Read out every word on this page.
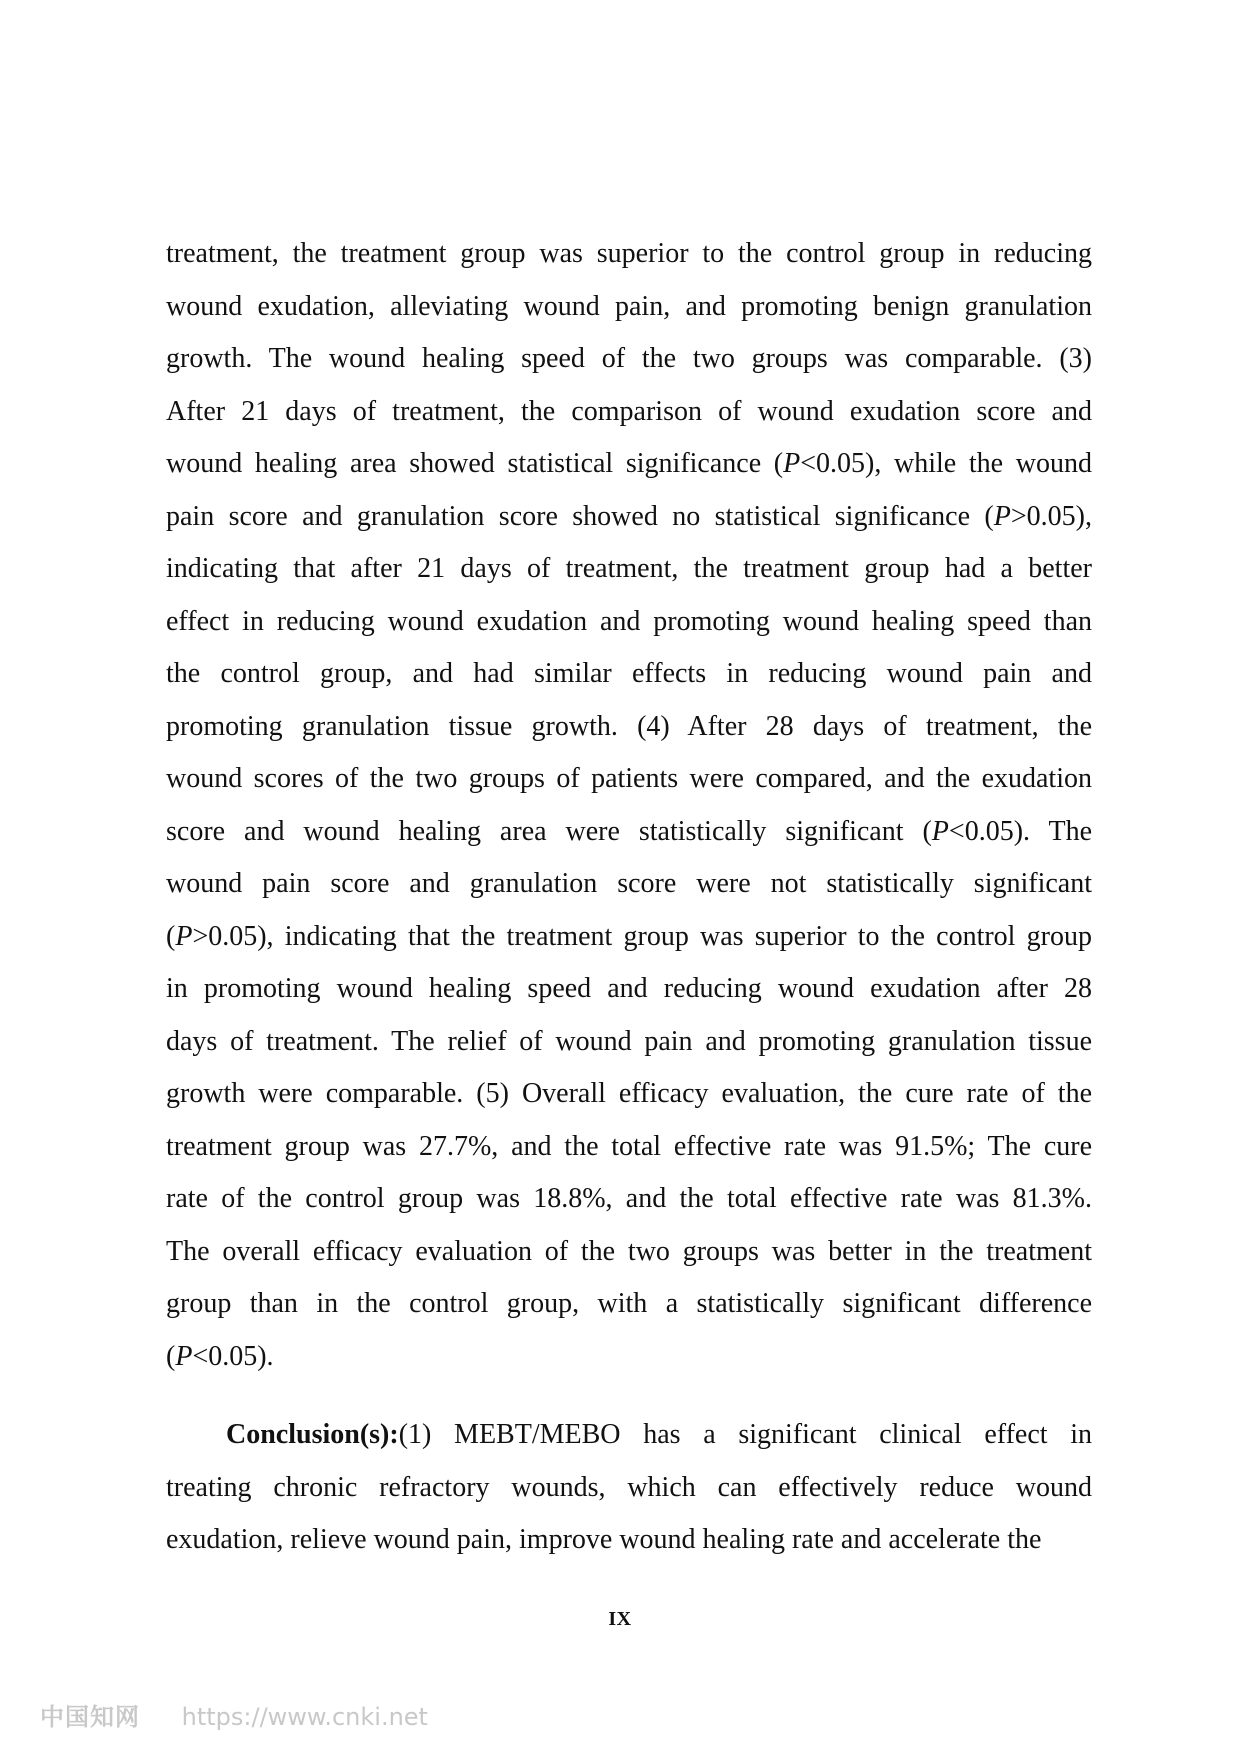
treatment, the treatment group was superior to the control group in reducing
wound exudation, alleviating wound pain, and promoting benign granulation
growth. The wound healing speed of the two groups was comparable. (3)
After 21 days of treatment, the comparison of wound exudation score and
wound healing area showed statistical significance (P<0.05), while the wound
pain score and granulation score showed no statistical significance (P>0.05),
indicating that after 21 days of treatment, the treatment group had a better
effect in reducing wound exudation and promoting wound healing speed than
the control group, and had similar effects in reducing wound pain and
promoting granulation tissue growth. (4) After 28 days of treatment, the
wound scores of the two groups of patients were compared, and the exudation
score and wound healing area were statistically significant (P<0.05). The
wound pain score and granulation score were not statistically significant
(P>0.05), indicating that the treatment group was superior to the control group
in promoting wound healing speed and reducing wound exudation after 28
days of treatment. The relief of wound pain and promoting granulation tissue
growth were comparable. (5) Overall efficacy evaluation, the cure rate of the
treatment group was 27.7%, and the total effective rate was 91.5%; The cure
rate of the control group was 18.8%, and the total effective rate was 81.3%.
The overall efficacy evaluation of the two groups was better in the treatment
group than in the control group, with a statistically significant difference
(P<0.05).
Conclusion(s):(1) MEBT/MEBO has a significant clinical effect in
treating chronic refractory wounds, which can effectively reduce wound
exudation, relieve wound pain, improve wound healing rate and accelerate the
IX
中国知网 https://www.cnki.net
